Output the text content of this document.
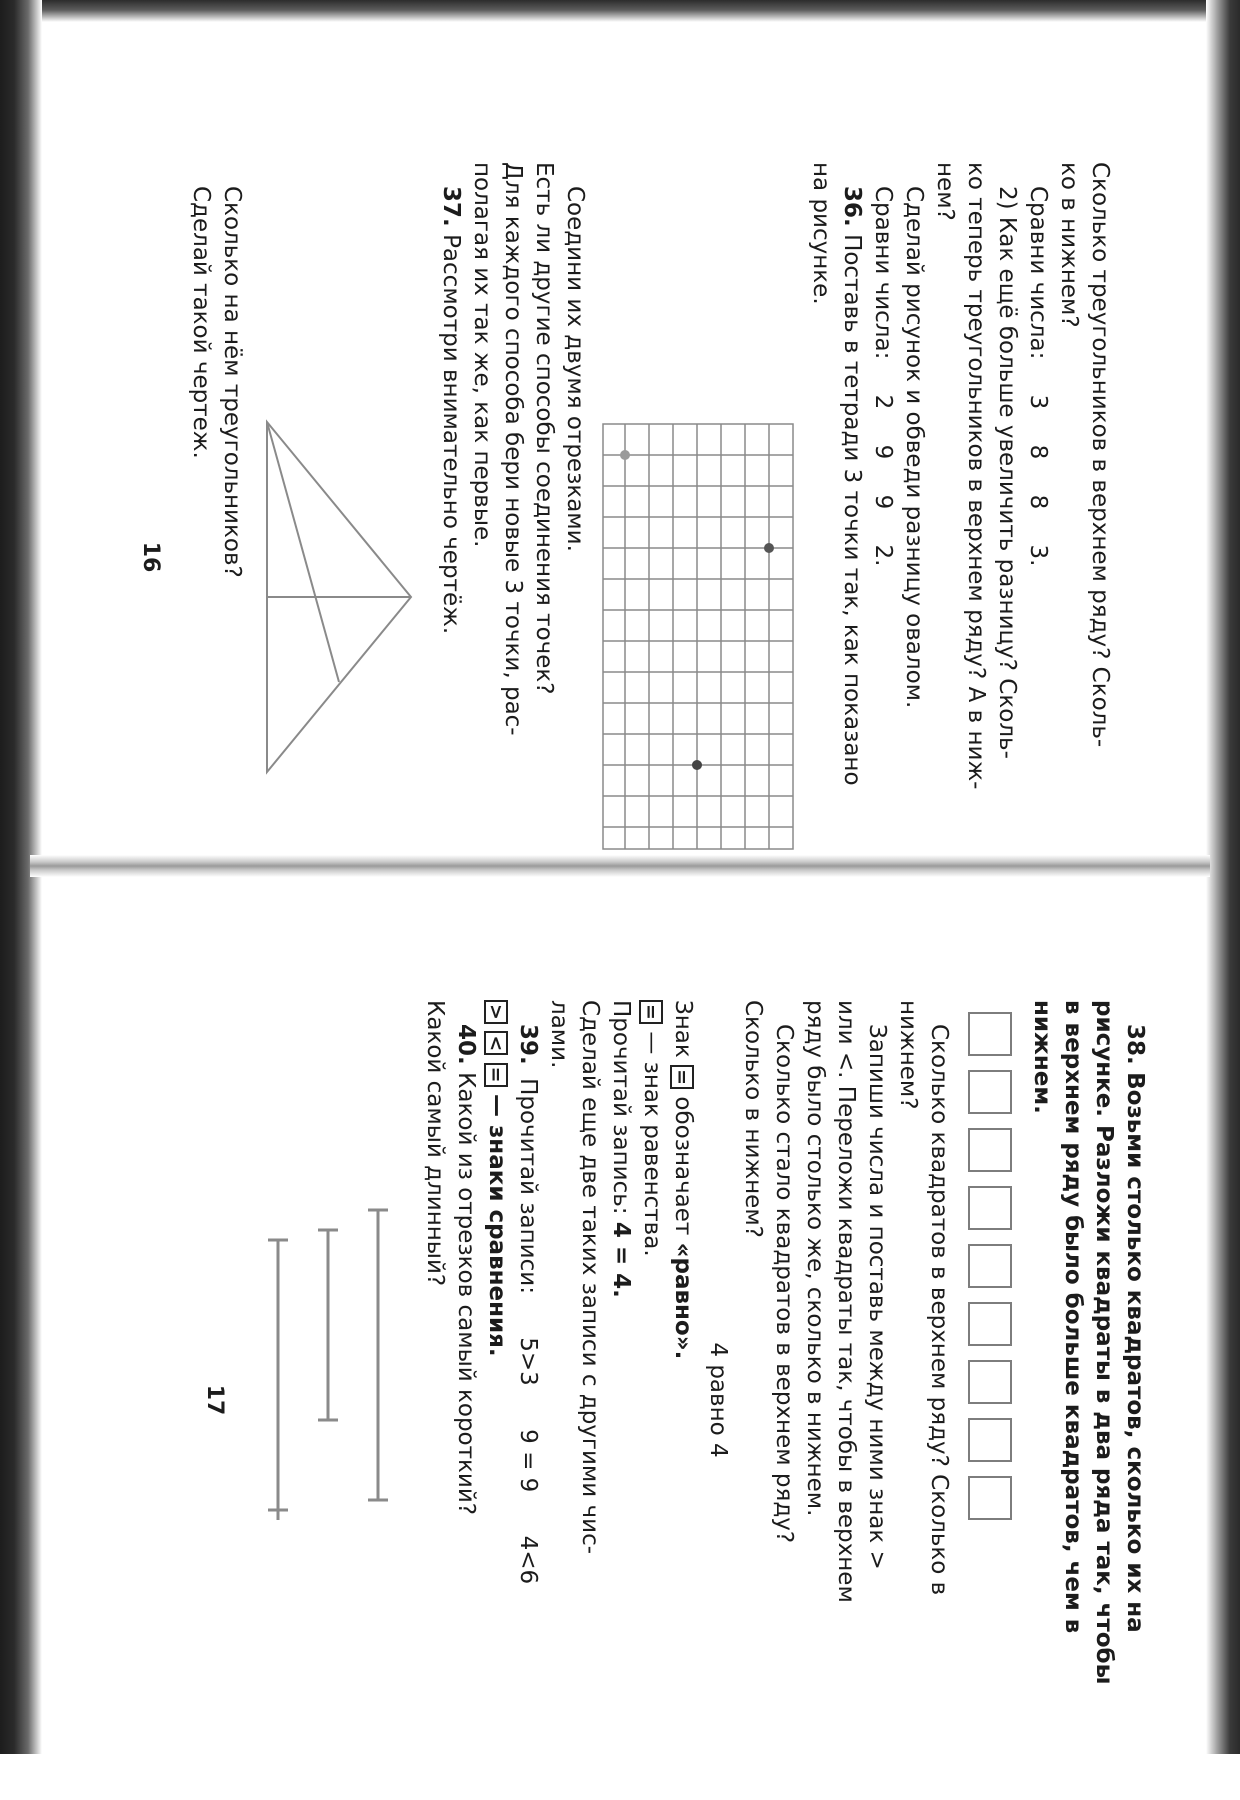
Сколько треугольников в верхнем ряду? Сколь-

ко в нижнем?

Сравни числа: 3 8 8 3.

2) Как ещё больше увеличить разницу? Сколь-

ко теперь треугольников в верхнем ряду? А в ниж-

нем?

Сделай рисунок и обведи разницу овалом.

Сравни числа: 2 9 9 2.

36. Поставь в тетради 3 точки так, как показано

на рисунке.

Соедини их двумя отрезками.

Есть ли другие способы соединения точек?

Для каждого способа бери новые 3 точки, рас-

полагая их так же, как первые.

37. Рассмотри внимательно чертёж.

Сколько на нём треугольников?

Сделай такой чертеж.

16

38. Возьми столько квадратов, сколько их на

рисунке. Разложи квадраты в два ряда так, чтобы

в верхнем ряду было больше квадратов, чем в

нижнем.

Сколько квадратов в верхнем ряду? Сколько в

нижнем?

Запиши числа и поставь между ними знак >

или <. Переложи квадраты так, чтобы в верхнем

ряду было столько же, сколько в нижнем.

Сколько стало квадратов в верхнем ряду?

Сколько в нижнем?

4 равно 4

Знак = обозначает «равно».

= — знак равенства.

Прочитай запись: 4 = 4.

Сделай еще две таких записи с другими чис-

лами.

39. Прочитай записи: 5>3 9 = 9 4<6

> < = — знаки сравнения.

40. Какой из отрезков самый короткий?

Какой самый длинный?

17
